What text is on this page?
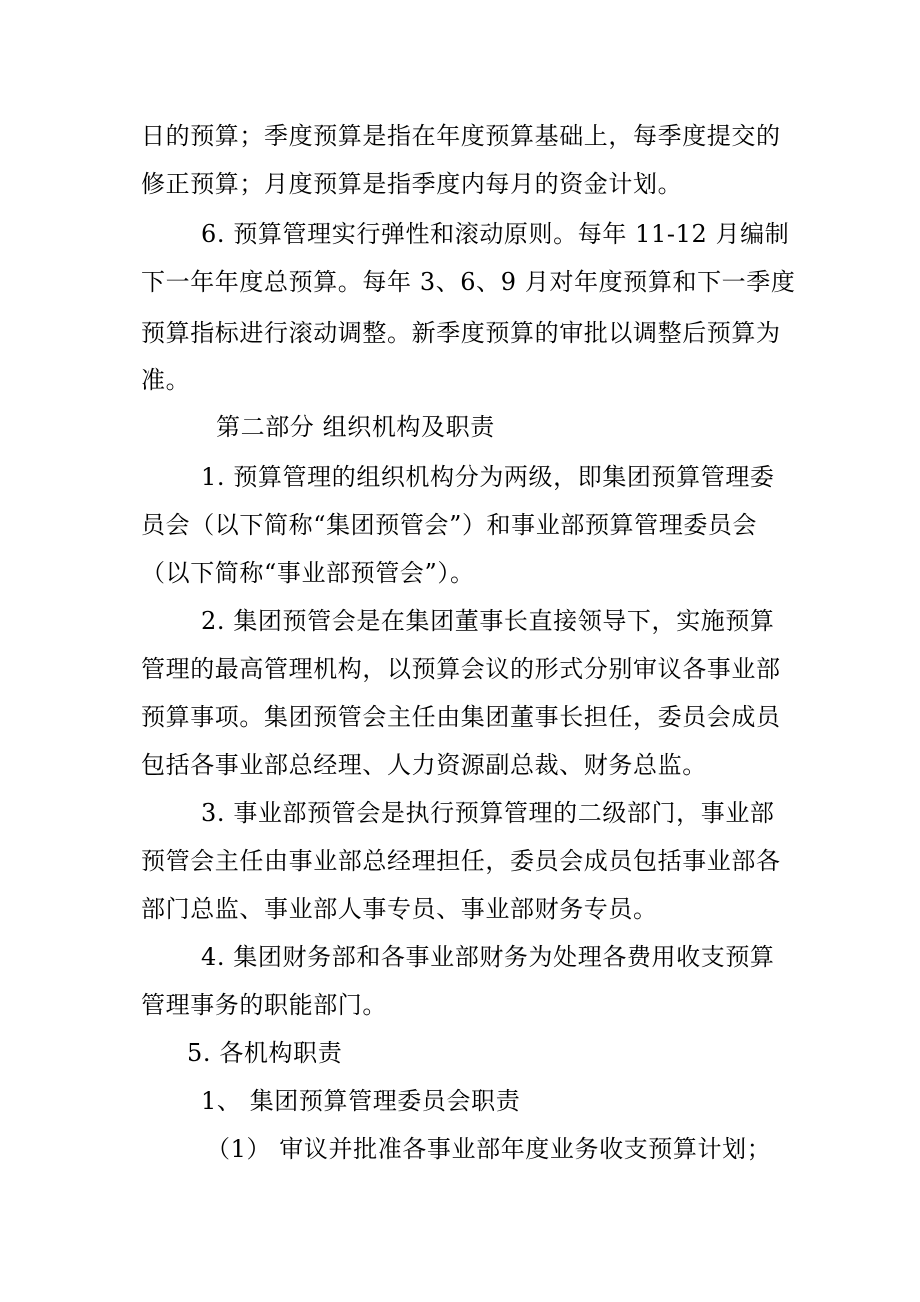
日的预算；季度预算是指在年度预算基础上，每季度提交的
修正预算；月度预算是指季度内每月的资金计划。
6. 预算管理实行弹性和滚动原则。每年 11-12 月编制
下一年年度总预算。每年 3、6、9 月对年度预算和下一季度
预算指标进行滚动调整。新季度预算的审批以调整后预算为
准。
第二部分 组织机构及职责
1. 预算管理的组织机构分为两级，即集团预算管理委
员会（以下简称“集团预管会”）和事业部预算管理委员会
（以下简称“事业部预管会”）。
2. 集团预管会是在集团董事长直接领导下，实施预算
管理的最高管理机构，以预算会议的形式分别审议各事业部
预算事项。集团预管会主任由集团董事长担任，委员会成员
包括各事业部总经理、人力资源副总裁、财务总监。
3. 事业部预管会是执行预算管理的二级部门，事业部
预管会主任由事业部总经理担任，委员会成员包括事业部各
部门总监、事业部人事专员、事业部财务专员。
4. 集团财务部和各事业部财务为处理各费用收支预算
管理事务的职能部门。
5. 各机构职责
1、 集团预算管理委员会职责
（1） 审议并批准各事业部年度业务收支预算计划；
